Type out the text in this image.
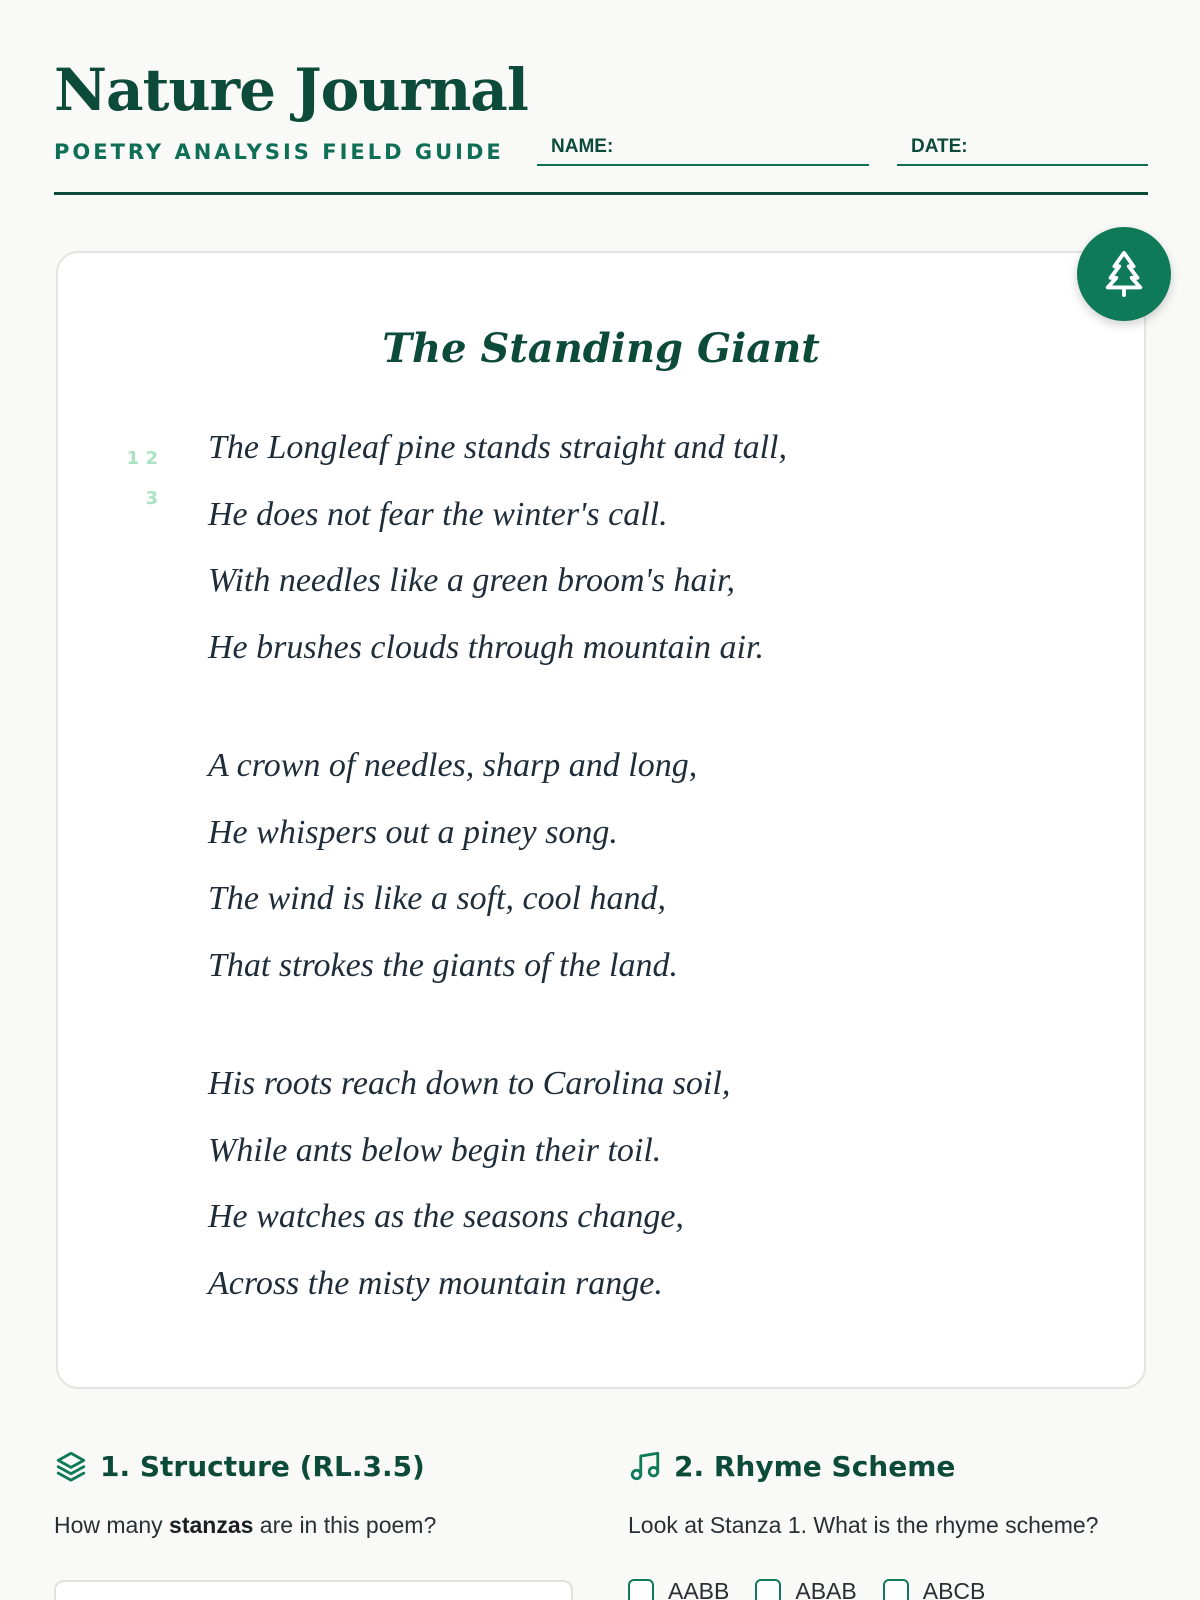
Nature Journal
POETRY ANALYSIS FIELD GUIDE	NAME:	DATE:
The Standing Giant
1 2
3
The Longleaf pine stands straight and tall,
He does not fear the winter's call.
With needles like a green broom's hair,
He brushes clouds through mountain air.
A crown of needles, sharp and long,
He whispers out a piney song.
The wind is like a soft, cool hand,
That strokes the giants of the land.
His roots reach down to Carolina soil,
While ants below begin their toil.
He watches as the seasons change,
Across the misty mountain range.
1. Structure (RL.3.5)
How many stanzas are in this poem?
2. Rhyme Scheme
Look at Stanza 1. What is the rhyme scheme?
AABB	ABAB	ABCB
